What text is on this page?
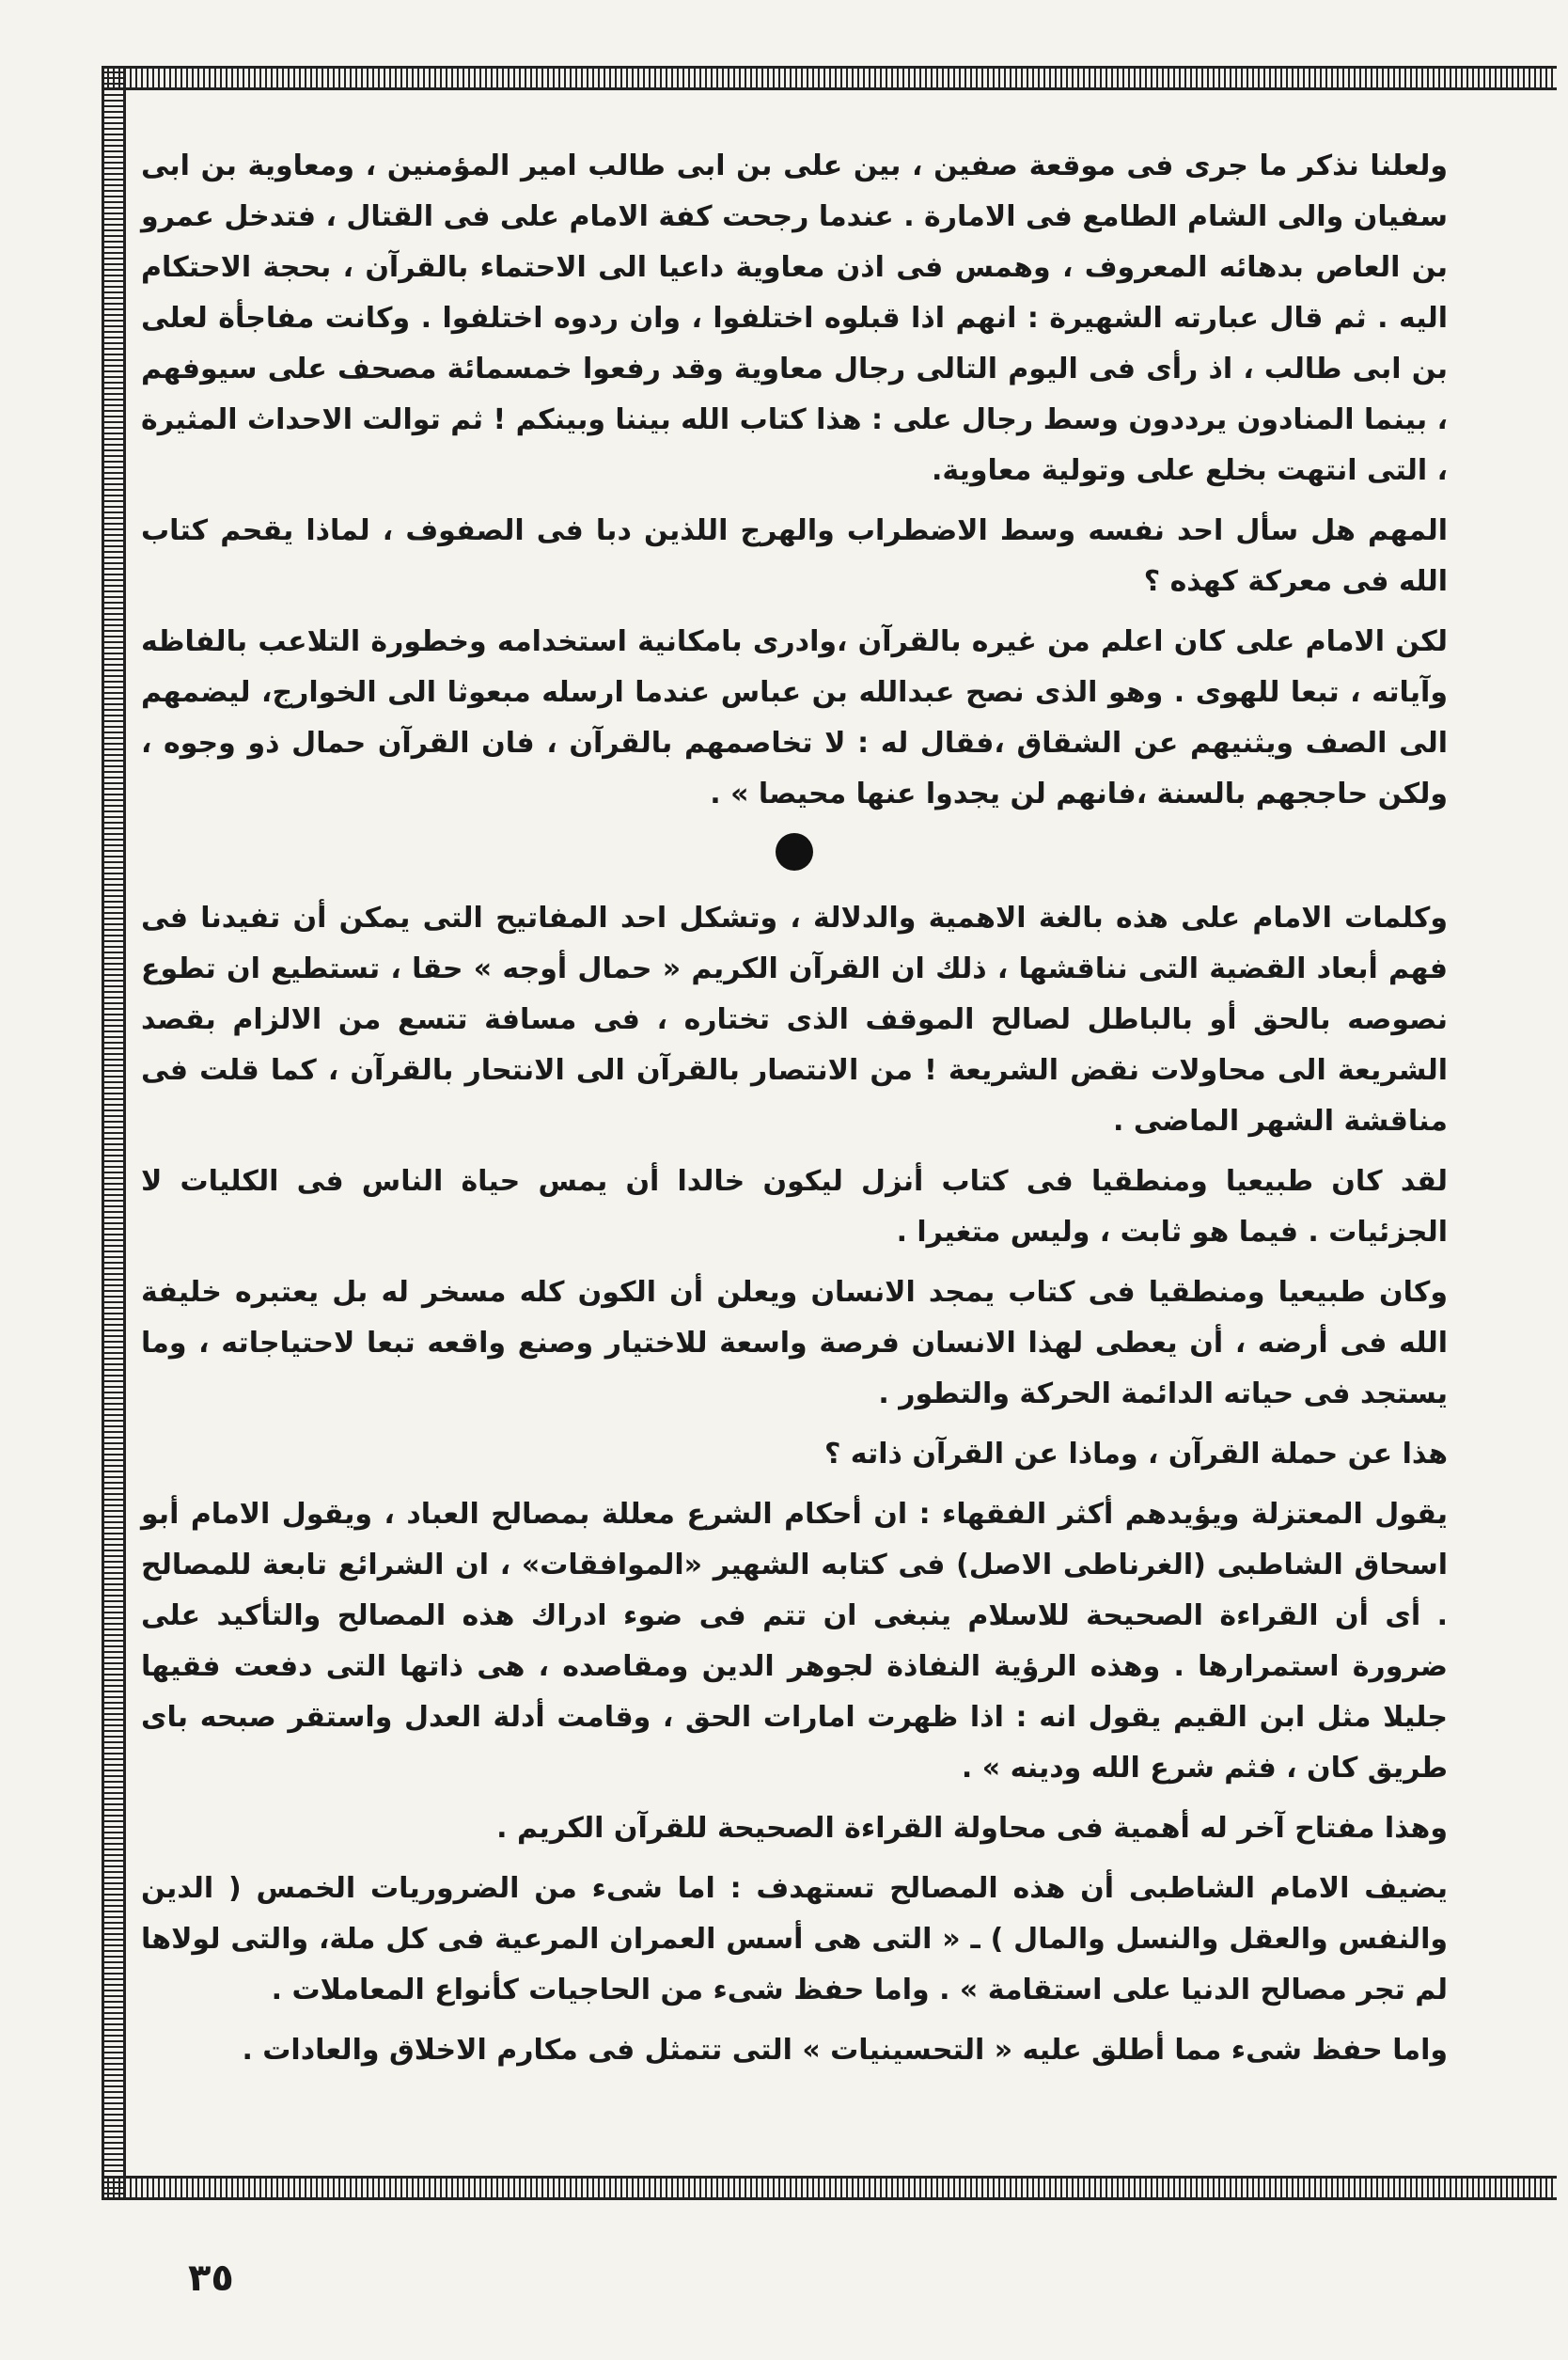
ولعلنا نذكر ما جرى فى موقعة صفين ، بين على بن ابى طالب امير المؤمنين ، ومعاوية بن ابى سفيان والى الشام الطامع فى الامارة . عندما رجحت كفة الامام على فى القتال ، فتدخل عمرو بن العاص بدهائه المعروف ، وهمس فى اذن معاوية داعيا الى الاحتماء بالقرآن ، بحجة الاحتكام اليه . ثم قال عبارته الشهيرة : انهم اذا قبلوه اختلفوا ، وان ردوه اختلفوا . وكانت مفاجأة لعلى بن ابى طالب ، اذ رأى فى اليوم التالى رجال معاوية وقد رفعوا خمسمائة مصحف على سيوفهم ، بينما المنادون يرددون وسط رجال على : هذا كتاب الله بيننا وبينكم ! ثم توالت الاحداث المثيرة ، التى انتهت بخلع على وتولية معاوية.

المهم هل سأل احد نفسه وسط الاضطراب والهرج اللذين دبا فى الصفوف ، لماذا يقحم كتاب الله فى معركة كهذه ؟

لكن الامام على كان اعلم من غيره بالقرآن ،وادرى بامكانية استخدامه وخطورة التلاعب بالفاظه وآياته ، تبعا للهوى . وهو الذى نصح عبدالله بن عباس عندما ارسله مبعوثا الى الخوارج، ليضمهم الى الصف ويثنيهم عن الشقاق ،فقال له : لا تخاصمهم بالقرآن ، فان القرآن حمال ذو وجوه ، ولكن حاججهم بالسنة ،فانهم لن يجدوا عنها محيصا » .

وكلمات الامام على هذه بالغة الاهمية والدلالة ، وتشكل احد المفاتيح التى يمكن أن تفيدنا فى فهم أبعاد القضية التى نناقشها ، ذلك ان القرآن الكريم « حمال أوجه » حقا ، تستطيع ان تطوع نصوصه بالحق أو بالباطل لصالح الموقف الذى تختاره ، فى مسافة تتسع من الالزام بقصد الشريعة الى محاولات نقض الشريعة ! من الانتصار بالقرآن الى الانتحار بالقرآن ، كما قلت فى مناقشة الشهر الماضى .

لقد كان طبيعيا ومنطقيا فى كتاب أنزل ليكون خالدا أن يمس حياة الناس فى الكليات لا الجزئيات . فيما هو ثابت ، وليس متغيرا .

وكان طبيعيا ومنطقيا فى كتاب يمجد الانسان ويعلن أن الكون كله مسخر له بل يعتبره خليفة الله فى أرضه ، أن يعطى لهذا الانسان فرصة واسعة للاختيار وصنع واقعه تبعا لاحتياجاته ، وما يستجد فى حياته الدائمة الحركة والتطور .

هذا عن حملة القرآن ، وماذا عن القرآن ذاته ؟

يقول المعتزلة ويؤيدهم أكثر الفقهاء : ان أحكام الشرع معللة بمصالح العباد ، ويقول الامام أبو اسحاق الشاطبى (الغرناطى الاصل) فى كتابه الشهير «الموافقات» ، ان الشرائع تابعة للمصالح . أى أن القراءة الصحيحة للاسلام ينبغى ان تتم فى ضوء ادراك هذه المصالح والتأكيد على ضرورة استمرارها . وهذه الرؤية النفاذة لجوهر الدين ومقاصده ، هى ذاتها التى دفعت فقيها جليلا مثل ابن القيم يقول انه : اذا ظهرت امارات الحق ، وقامت أدلة العدل واستقر صبحه باى طريق كان ، فثم شرع الله ودينه » .

وهذا مفتاح آخر له أهمية فى محاولة القراءة الصحيحة للقرآن الكريم .

يضيف الامام الشاطبى أن هذه المصالح تستهدف : اما شىء من الضروريات الخمس ( الدين والنفس والعقل والنسل والمال ) ـ « التى هى أسس العمران المرعية فى كل ملة، والتى لولاها لم تجر مصالح الدنيا على استقامة » . واما حفظ شىء من الحاجيات كأنواع المعاملات .

واما حفظ شىء مما أطلق عليه « التحسينيات » التى تتمثل فى مكارم الاخلاق والعادات .

٣٥
